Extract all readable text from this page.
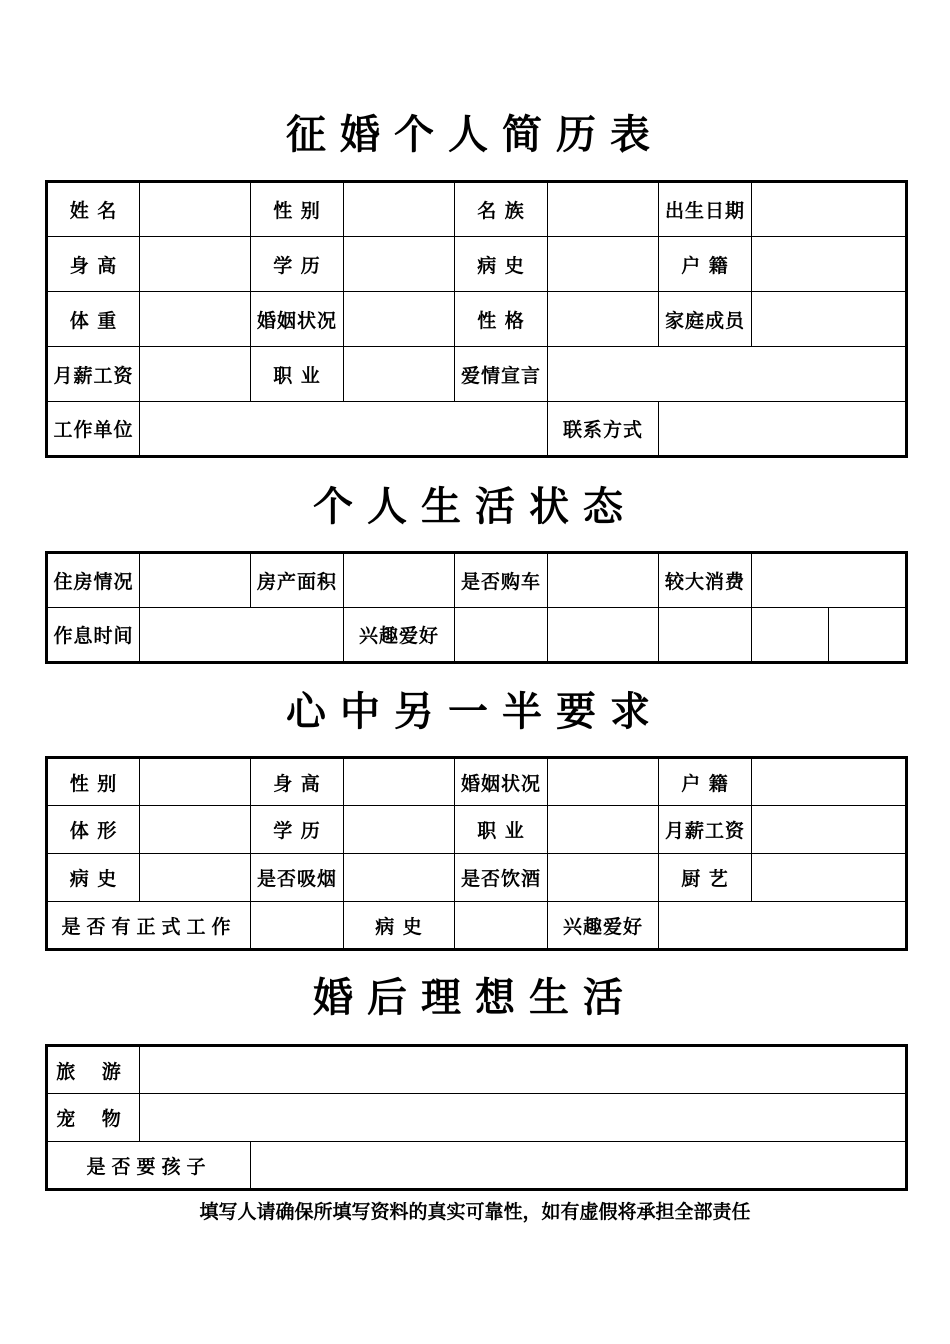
征婚个人简历表
姓 名		性 别		名 族		出生日期	
身 高		学 历		病 史		户 籍	
体 重		婚姻状况		性 格		家庭成员	
月薪工资		职 业		爱情宣言			
工作单位					联系方式		
个人生活状态
住房情况		房产面积		是否购车		较大消费		
作息时间			兴趣爱好					
心中另一半要求
性 别		身 高		婚姻状况		户 籍	
体 形		学 历		职 业		月薪工资	
病 史		是否吸烟		是否饮酒		厨 艺	
是否有正式工作			病 史		兴趣爱好		
婚后理想生活
旅 游		
宠 物		
是否要孩子		
填写人请确保所填写资料的真实可靠性，如有虚假将承担全部责任
